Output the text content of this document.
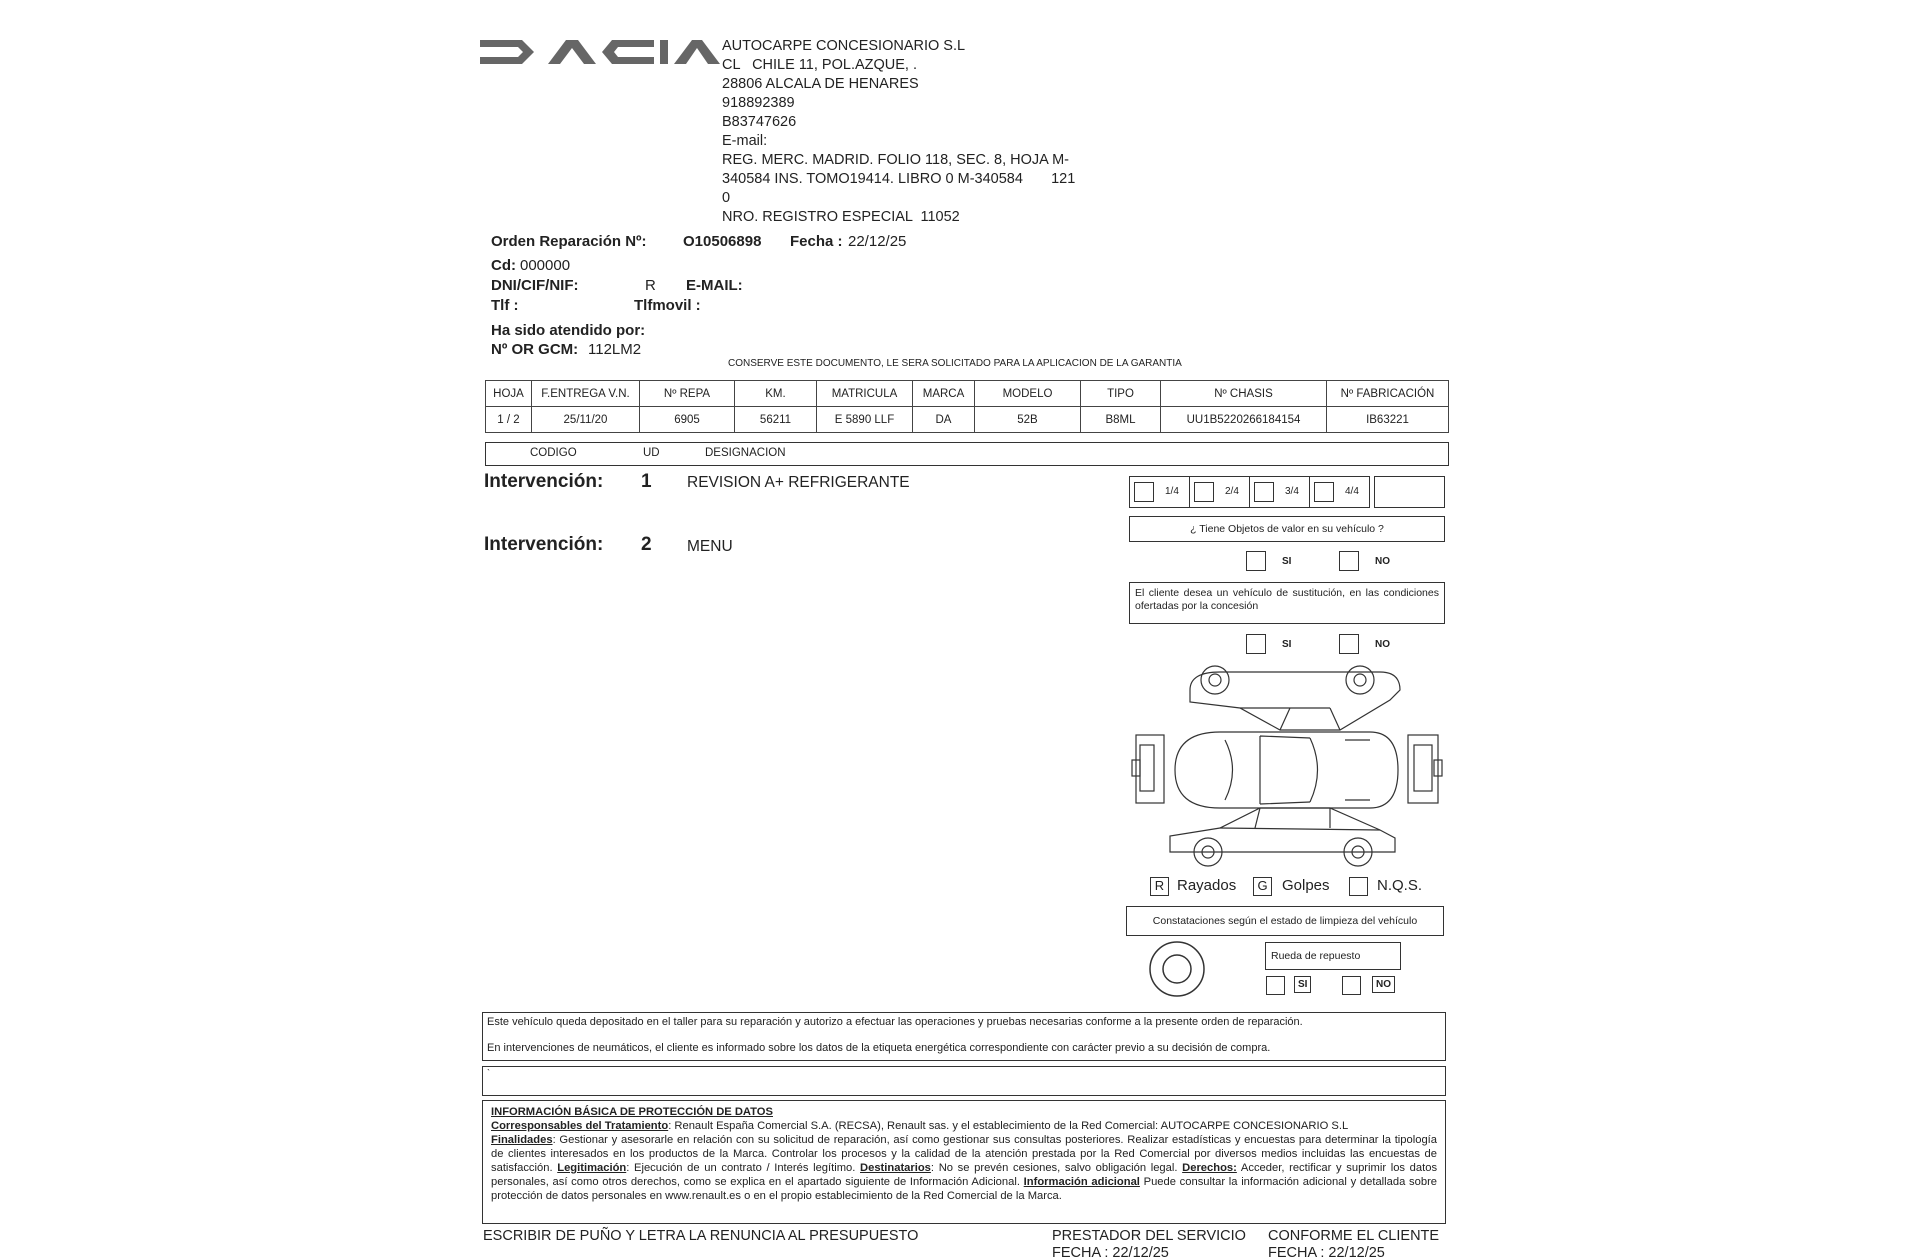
AUTOCARPE CONCESIONARIO S.L
CL   CHILE 11, POL.AZQUE, .
28806 ALCALA DE HENARES
918892389
B83747626
E-mail:
REG. MERC. MADRID. FOLIO 118, SEC. 8, HOJA M-
340584 INS. TOMO19414. LIBRO 0 M-340584       121
0
NRO. REGISTRO ESPECIAL  11052
Orden Reparación Nº: O10506898 Fecha : 22/12/25
Cd: 000000
DNI/CIF/NIF:	R E-MAIL:
Tlf :	Tlfmovil :
Ha sido atendido por:
Nº OR GCM: 112LM2
CONSERVE ESTE DOCUMENTO, LE SERA SOLICITADO PARA LA APLICACION DE LA GARANTIA
HOJA	F.ENTREGA V.N.	Nº REPA	KM.	MATRICULA	MARCA	MODELO	TIPO	Nº CHASIS	Nº FABRICACIÓN
1 / 2	25/11/20	6905	56211	E 5890 LLF	DA	52B	B8ML	UU1B5220266184154	IB63221
CODIGO	UD	DESIGNACION
Intervención: 1 REVISION A+ REFRIGERANTE
Intervención: 2 MENU
1/4	2/4	3/4	4/4
¿ Tiene Objetos de valor en su vehículo ?
SI	NO
El cliente desea un vehículo de sustitución, en las condiciones ofertadas por la concesión
SI	NO
R Rayados	G Golpes	N.Q.S.
Constataciones según el estado de limpieza del vehículo
Rueda de repuesto
SI	NO
Este vehículo queda depositado en el taller para su reparación y autorizo a efectuar las operaciones y pruebas necesarias conforme a la presente orden de reparación.
En intervenciones de neumáticos, el cliente es informado sobre los datos de la etiqueta energética correspondiente con carácter previo a su decisión de compra.
`
INFORMACIÓN BÁSICA DE PROTECCIÓN DE DATOS
Corresponsables del Tratamiento: Renault España Comercial S.A. (RECSA), Renault sas. y el establecimiento de la Red Comercial: AUTOCARPE CONCESIONARIO S.L
Finalidades: Gestionar y asesorarle en relación con su solicitud de reparación, así como gestionar sus consultas posteriores. Realizar estadísticas y encuestas para determinar la tipología de clientes interesados en los productos de la Marca. Controlar los procesos y la calidad de la atención prestada por la Red Comercial por diversos medios incluidas las encuestas de satisfacción. Legitimación: Ejecución de un contrato / Interés legítimo. Destinatarios: No se prevén cesiones, salvo obligación legal. Derechos: Acceder, rectificar y suprimir los datos personales, así como otros derechos, como se explica en el apartado siguiente de Información Adicional. Información adicional Puede consultar la información adicional y detallada sobre protección de datos personales en www.renault.es o en el propio establecimiento de la Red Comercial de la Marca.
ESCRIBIR DE PUÑO Y LETRA LA RENUNCIA AL PRESUPUESTO	PRESTADOR DEL SERVICIO
FECHA : 22/12/25
CONFORME EL CLIENTE
FECHA : 22/12/25
